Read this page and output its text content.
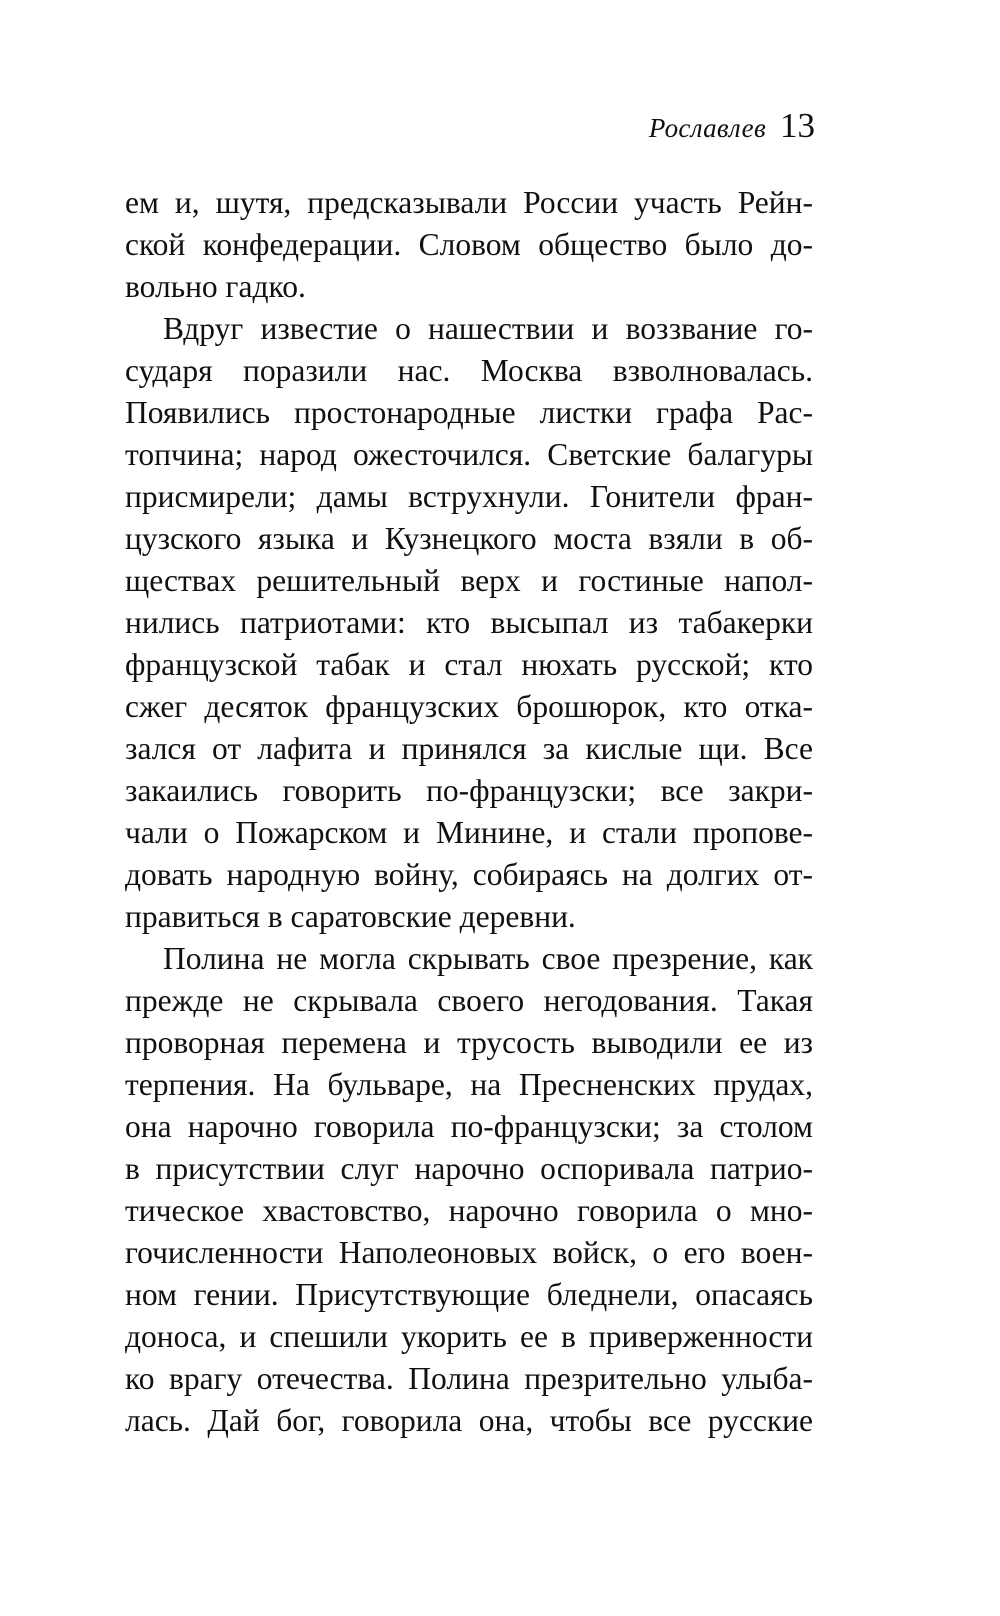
Рославлев 13
ем и, шутя, предсказывали России участь Рейн-
ской конфедерации. Словом общество было до-
вольно гадко.
Вдруг известие о нашествии и воззвание го-
сударя поразили нас. Москва взволновалась.
Появились простонародные листки графа Рас-
топчина; народ ожесточился. Светские балагуры
присмирели; дамы вструхнули. Гонители фран-
цузского языка и Кузнецкого моста взяли в об-
ществах решительный верх и гостиные напол-
нились патриотами: кто высыпал из табакерки
французской табак и стал нюхать русской; кто
сжег десяток французских брошюрок, кто отка-
зался от лафита и принялся за кислые щи. Все
закаились говорить по-французски; все закри-
чали о Пожарском и Минине, и стали пропове-
довать народную войну, собираясь на долгих от-
правиться в саратовские деревни.
Полина не могла скрывать свое презрение, как
прежде не скрывала своего негодования. Такая
проворная перемена и трусость выводили ее из
терпения. На бульваре, на Пресненских прудах,
она нарочно говорила по-французски; за столом
в присутствии слуг нарочно оспоривала патрио-
тическое хвастовство, нарочно говорила о мно-
гочисленности Наполеоновых войск, о его воен-
ном гении. Присутствующие бледнели, опасаясь
доноса, и спешили укорить ее в приверженности
ко врагу отечества. Полина презрительно улыба-
лась. Дай бог, говорила она, чтобы все русские
